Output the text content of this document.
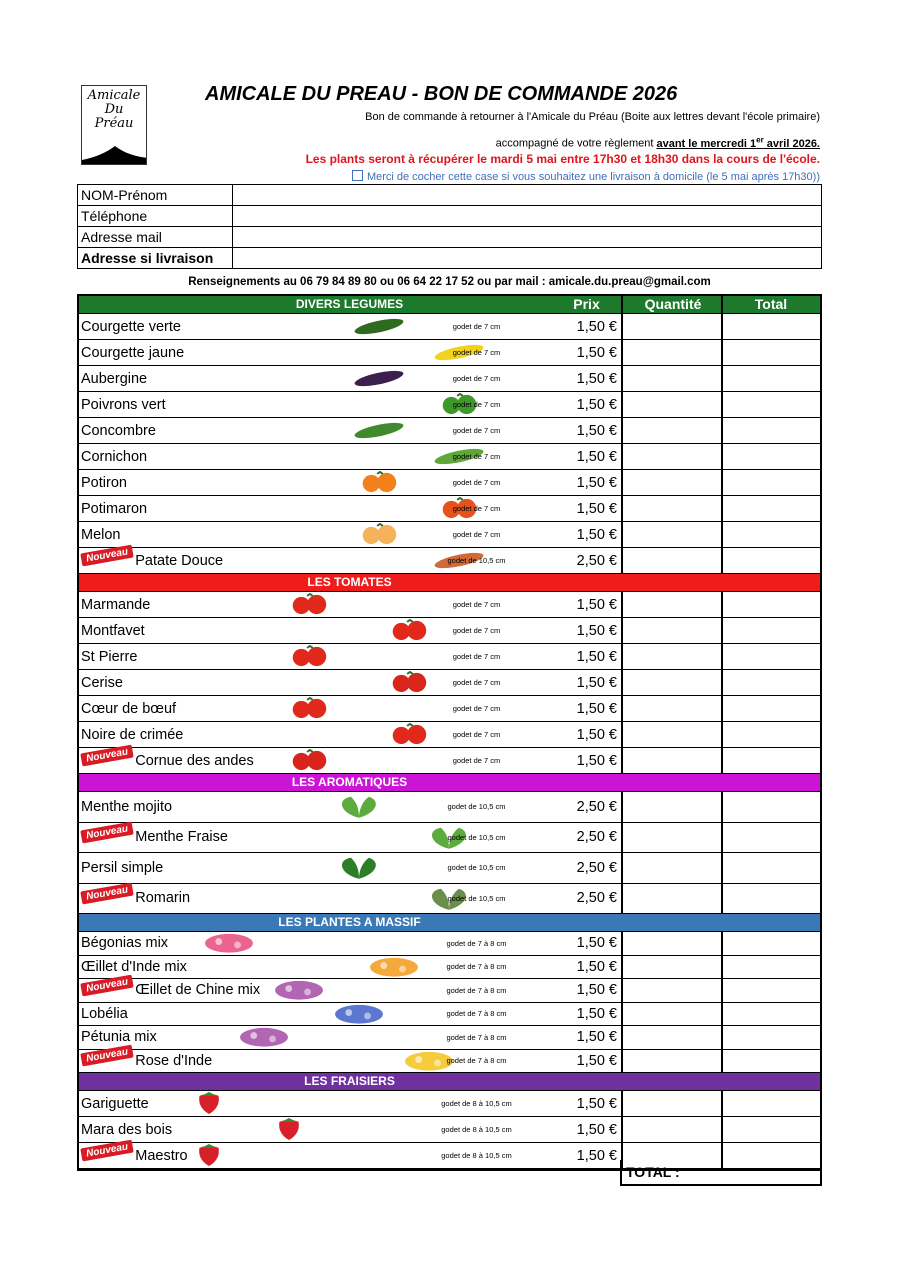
Amicale
Du
Préau
AMICALE DU PREAU - BON DE COMMANDE 2026
Bon de commande à retourner à l'Amicale du Préau (Boite aux lettres devant l'école primaire)
accompagné de votre règlement avant le mercredi 1er avril 2026.
Les plants seront à récupérer le mardi 5 mai entre 17h30 et 18h30 dans la cours de l'école.
Merci de cocher cette case si vous souhaitez une livraison à domicile (le 5 mai après 17h30))
NOM-Prénom	
Téléphone	
Adresse mail	
Adresse si livraison	
Renseignements au 06 79 84 89 80 ou 06 64 22 17 52 ou par mail : amicale.du.preau@gmail.com
DIVERS LEGUMES	Prix	Quantité	Total
Courgette verte	godet de 7 cm	1,50 €
Courgette jaune	godet de 7 cm	1,50 €
Aubergine	godet de 7 cm	1,50 €
Poivrons vert	godet de 7 cm	1,50 €
Concombre	godet de 7 cm	1,50 €
Cornichon	godet de 7 cm	1,50 €
Potiron	godet de 7 cm	1,50 €
Potimaron	godet de 7 cm	1,50 €
Melon	godet de 7 cm	1,50 €
Nouveau Patate Douce	godet de 10,5 cm	2,50 €
LES TOMATES
Marmande	godet de 7 cm	1,50 €
Montfavet	godet de 7 cm	1,50 €
St Pierre	godet de 7 cm	1,50 €
Cerise	godet de 7 cm	1,50 €
Cœur de bœuf	godet de 7 cm	1,50 €
Noire de crimée	godet de 7 cm	1,50 €
Nouveau Cornue des andes	godet de 7 cm	1,50 €
LES AROMATIQUES
Menthe mojito	godet de 10,5 cm	2,50 €
Nouveau Menthe Fraise	godet de 10,5 cm	2,50 €
Persil simple	godet de 10,5 cm	2,50 €
Nouveau Romarin	godet de 10,5 cm	2,50 €
LES PLANTES A MASSIF
Bégonias mix	godet de 7 à 8 cm	1,50 €
Œillet d'Inde mix	godet de 7 à 8 cm	1,50 €
Nouveau Œillet de Chine mix	godet de 7 à 8 cm	1,50 €
Lobélia	godet de 7 à 8 cm	1,50 €
Pétunia mix	godet de 7 à 8 cm	1,50 €
Nouveau Rose d'Inde	godet de 7 à 8 cm	1,50 €
LES FRAISIERS
Gariguette	godet de 8 à 10,5 cm	1,50 €
Mara des bois	godet de 8 à 10,5 cm	1,50 €
Nouveau Maestro	godet de 8 à 10,5 cm	1,50 €
TOTAL :
